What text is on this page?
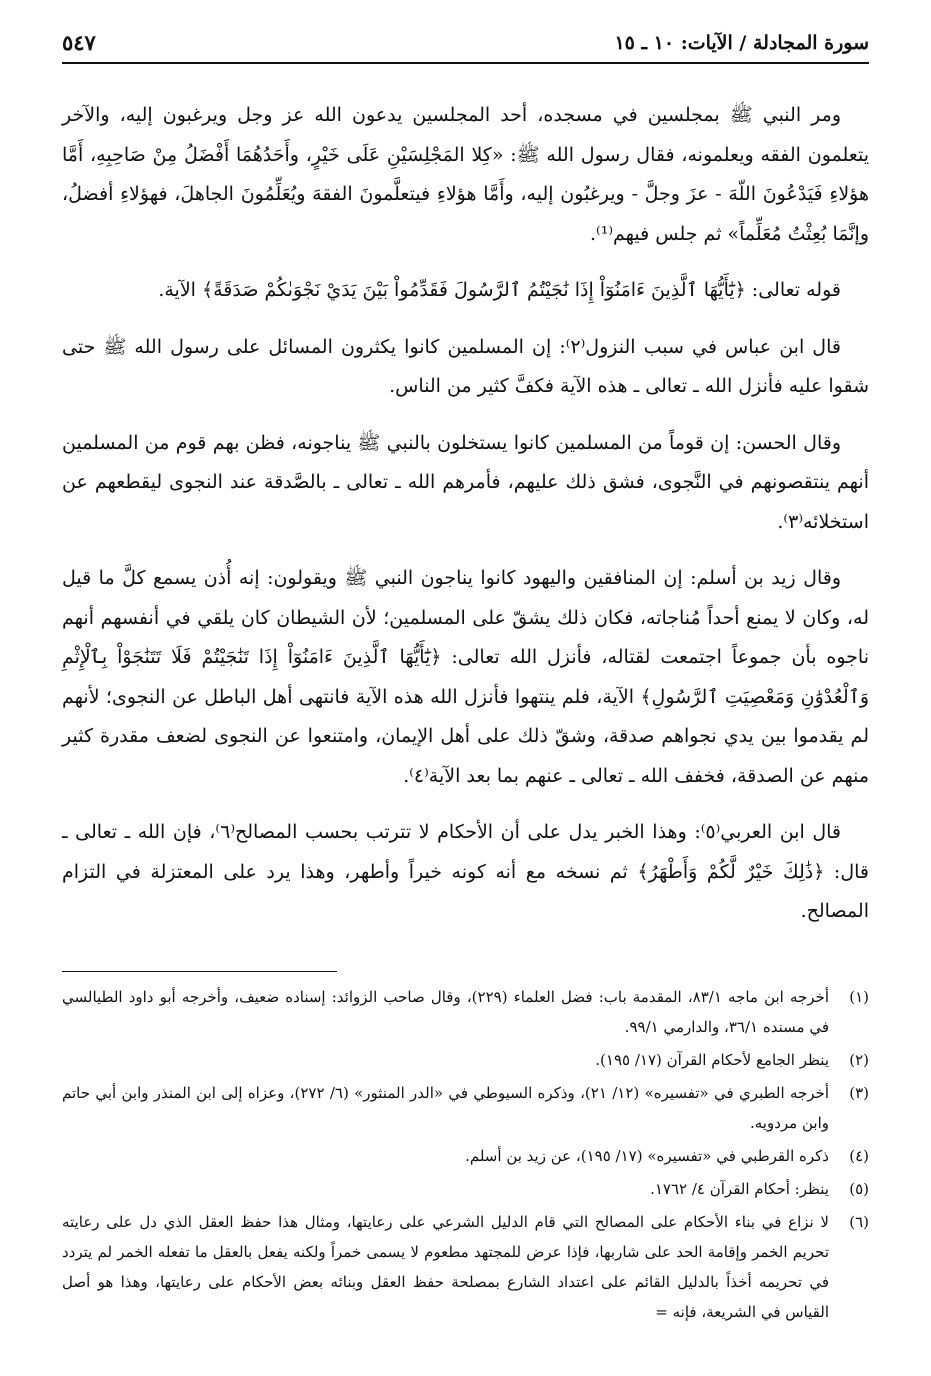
سورة المجادلة / الآيات: ١٠ ـ ١٥
٥٤٧

ومر النبي ﷺ بمجلسين في مسجده، أحد المجلسين يدعون الله عز وجل ويرغبون إليه، والآخر يتعلمون الفقه ويعلمونه، فقال رسول الله ﷺ: «كِلا المَجْلِسَيْنِ عَلَى خَيْرٍ، وأَحَدُهُمَا أَفْضَلُ مِنْ صَاحِبِهِ، أَمَّا هؤلاءِ فَيَدْعُونَ اللّهَ - عزَ وجلَّ - ويرغبُون إليه، وأَمَّا هؤلاءِ فيتعلَّمونَ الفقهَ ويُعَلِّمُونَ الجاهلَ، فهؤلاءِ أفضلُ، وإنَّمَا بُعِثْتُ مُعَلِّماً» ثم جلس فيهم⁽¹⁾.

قوله تعالى: ﴿يَٰٓأَيُّهَا ٱلَّذِينَ ءَامَنُوٓاْ إِذَا نَٰجَيْتُمُ ٱلرَّسُولَ فَقَدِّمُواْ بَيْنَ يَدَيْ نَجْوَىٰكُمْ صَدَقَةً﴾ الآية.

قال ابن عباس في سبب النزول⁽٢⁾: إن المسلمين كانوا يكثرون المسائل على رسول الله ﷺ حتى شقوا عليه فأنزل الله ـ تعالى ـ هذه الآية فكفَّ كثير من الناس.

وقال الحسن: إن قوماً من المسلمين كانوا يستخلون بالنبي ﷺ يناجونه، فظن بهم قوم من المسلمين أنهم ينتقصونهم في النَّجوى، فشق ذلك عليهم، فأمرهم الله ـ تعالى ـ بالصَّدقة عند النجوى ليقطعهم عن استخلائه⁽٣⁾.

وقال زيد بن أسلم: إن المنافقين واليهود كانوا يناجون النبي ﷺ ويقولون: إنه أُذن يسمع كلَّ ما قيل له، وكان لا يمنع أحداً مُناجاته، فكان ذلك يشقّ على المسلمين؛ لأن الشيطان كان يلقي في أنفسهم أنهم ناجوه بأن جموعاً اجتمعت لقتاله، فأنزل الله تعالى: ﴿يَٰٓأَيُّهَا ٱلَّذِينَ ءَامَنُوٓاْ إِذَا تَنَٰجَيْتُمْ فَلَا تَتَنَٰجَوْاْ بِٱلْإِثْمِ وَٱلْعُدْوَٰنِ وَمَعْصِيَتِ ٱلرَّسُولِ﴾ الآية، فلم ينتهوا فأنزل الله هذه الآية فانتهى أهل الباطل عن النجوى؛ لأنهم لم يقدموا بين يدي نجواهم صدقة، وشقّ ذلك على أهل الإيمان، وامتنعوا عن النجوى لضعف مقدرة كثير منهم عن الصدقة، فخفف الله ـ تعالى ـ عنهم بما بعد الآية⁽٤⁾.

قال ابن العربي⁽٥⁾: وهذا الخبر يدل على أن الأحكام لا تترتب بحسب المصالح⁽٦⁾، فإن الله ـ تعالى ـ قال: ﴿ذَٰلِكَ خَيْرٌ لَّكُمْ وَأَطْهَرُ﴾ ثم نسخه مع أنه كونه خيراً وأطهر، وهذا يرد على المعتزلة في التزام المصالح.

(١)
أخرجه ابن ماجه ٨٣/١، المقدمة باب: فضل العلماء (٢٢٩)، وقال صاحب الزوائد: إسناده ضعيف، وأخرجه أبو داود الطيالسي في مسنده ٣٦/١، والدارمي ٩٩/١.
(٢)
ينظر الجامع لأحكام القرآن (١٧/ ١٩٥).
(٣)
أخرجه الطبري في «تفسيره» (١٢/ ٢١)، وذكره السيوطي في «الدر المنثور» (٦/ ٢٧٢)، وعزاه إلى ابن المنذر وابن أبي حاتم وابن مردويه.
(٤)
ذكره القرطبي في «تفسيره» (١٧/ ١٩٥)، عن زيد بن أسلم.
(٥)
ينظر: أحكام القرآن ٤/ ١٧٦٢.
(٦)
لا نزاع في بناء الأحكام على المصالح التي قام الدليل الشرعي على رعايتها، ومثال هذا حفظ العقل الذي دل على رعايته تحريم الخمر وإقامة الحد على شاربها، فإذا عرض للمجتهد مطعوم لا يسمى خمراً ولكنه يفعل بالعقل ما تفعله الخمر لم يتردد في تحريمه أخذاً بالدليل القائم على اعتداد الشارع بمصلحة حفظ العقل وبنائه بعض الأحكام على رعايتها، وهذا هو أصل القياس في الشريعة، فإنه =
